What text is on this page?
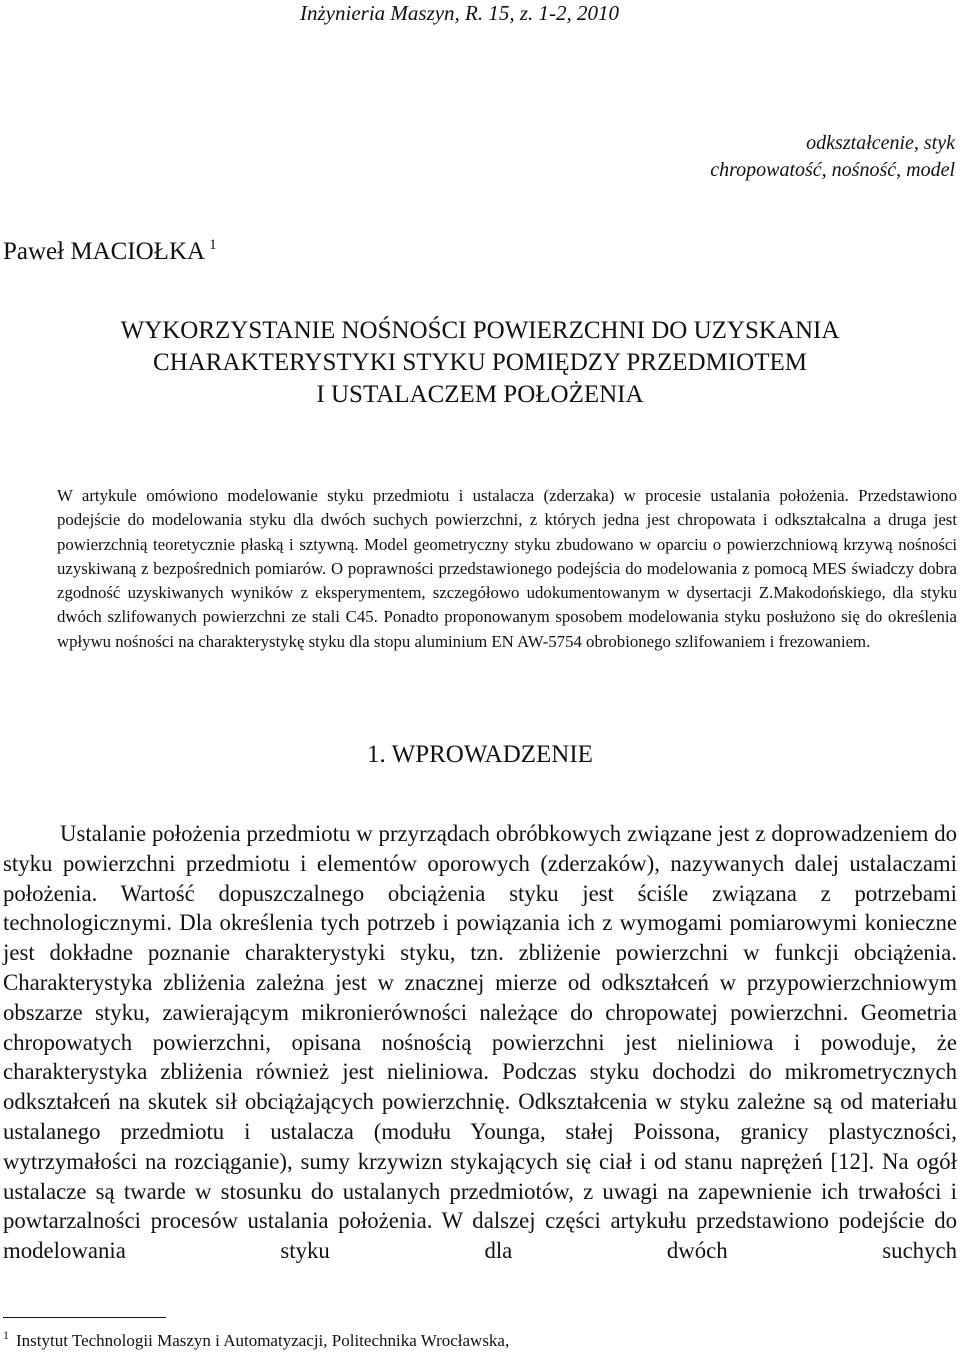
Inżynieria Maszyn, R. 15, z. 1-2, 2010
odkształcenie, styk
chropowatość, nośność, model
Paweł MACIOŁKA $^1$
WYKORZYSTANIE NOŚNOŚCI POWIERZCHNI DO UZYSKANIA
CHARAKTERYSTYKI STYKU POMIĘDZY PRZEDMIOTEM
I USTALACZEM POŁOŻENIA

W artykule omówiono modelowanie styku przedmiotu i ustalacza (zderzaka) w procesie ustalania położenia. Przedstawiono podejście do modelowania styku dla dwóch suchych powierzchni, z których jedna jest chropowata i odkształcalna a druga jest powierzchnią teoretycznie płaską i sztywną. Model geometryczny styku zbudowano w oparciu o powierzchniową krzywą nośności uzyskiwaną z bezpośrednich pomiarów. O poprawności przedstawionego podejścia do modelowania z pomocą MES świadczy dobra zgodność uzyskiwanych wyników z eksperymentem, szczegółowo udokumentowanym w dysertacji Z.Makodońskiego, dla styku dwóch szlifowanych powierzchni ze stali C45. Ponadto proponowanym sposobem modelowania styku posłużono się do określenia wpływu nośności na charakterystykę styku dla stopu aluminium EN AW-5754 obrobionego szlifowaniem i frezowaniem.

1. WPROWADZENIE

Ustalanie położenia przedmiotu w przyrządach obróbkowych związane jest z doprowadzeniem do styku powierzchni przedmiotu i elementów oporowych (zderzaków), nazywanych dalej ustalaczami położenia. Wartość dopuszczalnego obciążenia styku jest ściśle związana z potrzebami technologicznymi. Dla określenia tych potrzeb i powiązania ich z wymogami pomiarowymi konieczne jest dokładne poznanie charakterystyki styku, tzn. zbliżenie powierzchni w funkcji obciążenia. Charakterystyka zbliżenia zależna jest w znacznej mierze od odkształceń w przypowierzchniowym obszarze styku, zawierającym mikronierówności należące do chropowatej powierzchni. Geometria chropowatych powierzchni, opisana nośnością powierzchni jest nieliniowa i powoduje, że charakterystyka zbliżenia również jest nieliniowa. Podczas styku dochodzi do mikrometrycznych odkształceń na skutek sił obciążających powierzchnię. Odkształcenia w styku zależne są od materiału ustalanego przedmiotu i ustalacza (modułu Younga, stałej Poissona, granicy plastyczności, wytrzymałości na rozciąganie), sumy krzywizn stykających się ciał i od stanu naprężeń [12]. Na ogół ustalacze są twarde w stosunku do ustalanych przedmiotów, z uwagi na zapewnienie ich trwałości i powtarzalności procesów ustalania położenia. W dalszej części artykułu przedstawiono podejście do modelowania styku dla dwóch suchych

$^1$ Instytut Technologii Maszyn i Automatyzacji, Politechnika Wrocławska,
